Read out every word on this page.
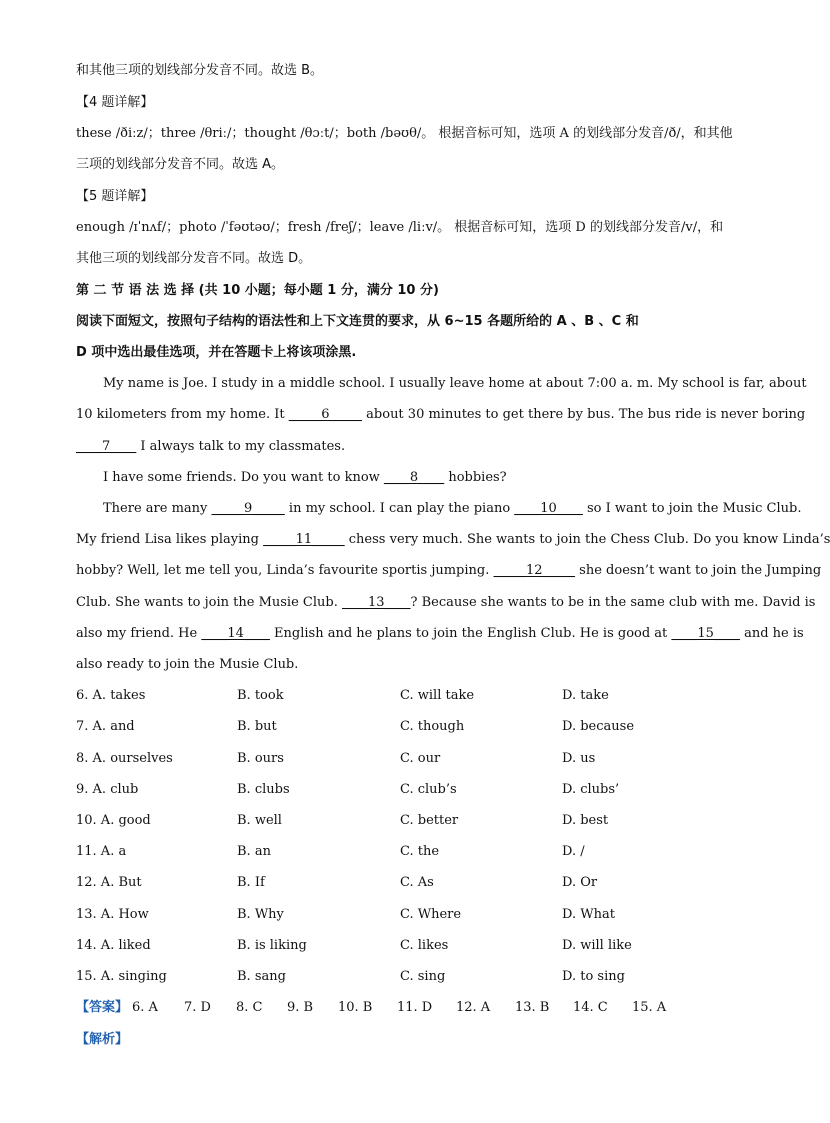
和其他三项的划线部分发音不同。故选 B。
【4 题详解】
these /ðiːz/；three /θriː/；thought /θɔːt/；both /bəʊθ/。 根据音标可知，选项 A 的划线部分发音/ð/，和其他
三项的划线部分发音不同。故选 A。
【5 题详解】
enough /ɪˈnʌf/；photo /ˈfəʊtəʊ/；fresh /freʃ/；leave /liːv/。 根据音标可知，选项 D 的划线部分发音/v/，和
其他三项的划线部分发音不同。故选 D。
第 二 节 语 法 选 择 (共 10 小题；每小题 1 分，满分 10 分)
阅读下面短文，按照句子结构的语法性和上下文连贯的要求，从 6~15 各题所给的 A 、B 、C 和
D 项中选出最佳选项，并在答题卡上将该项涂黑.
My name is Joe. I study in a middle school. I usually leave home at about 7:00 a. m. My school is far, about
10 kilometers from my home. It _____6_____ about 30 minutes to get there by bus. The bus ride is never boring
____7____ I always talk to my classmates.
I have some friends. Do you want to know ____8____ hobbies?
There are many _____9_____ in my school. I can play the piano ____10____ so I want to join the Music Club.
My friend Lisa likes playing _____11_____ chess very much. She wants to join the Chess Club. Do you know Linda’s
hobby? Well, let me tell you, Linda’s favourite sportis jumping. _____12_____ she doesn’t want to join the Jumping
Club. She wants to join the Musie Club. ____13____? Because she wants to be in the same club with me. David is
also my friend. He ____14____ English and he plans to join the English Club. He is good at ____15____ and he is
also ready to join the Musie Club.
6. A. takes	B. took	C. will take	D. take
7. A. and	B. but	C. though	D. because
8. A. ourselves	B. ours	C. our	D. us
9. A. club	B. clubs	C. club’s	D. clubs’
10. A. good	B. well	C. better	D. best
11. A. a	B. an	C. the	D. /
12. A. But	B. If	C. As	D. Or
13. A. How	B. Why	C. Where	D. What
14. A. liked	B. is liking	C. likes	D. will like
15. A. singing	B. sang	C. sing	D. to sing
【答案】 6. A 7. D 8. C 9. B 10. B 11. D 12. A 13. B 14. C 15. A
【解析】
